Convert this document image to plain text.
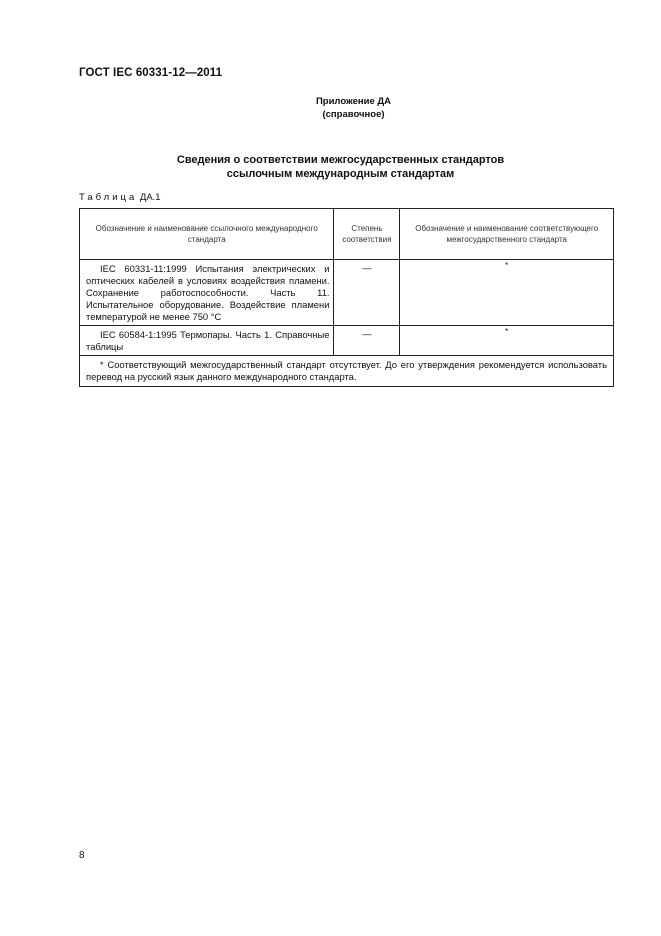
ГОСТ IEC 60331-12—2011
Приложение ДА
(справочное)
Сведения о соответствии межгосударственных стандартов
ссылочным международным стандартам
Таблица ДА.1
Обозначение и наименование ссылочного международного стандарта	Степень соответствия	Обозначение и наименование соответствующего межгосударственного стандарта
IEC 60331-11:1999 Испытания электрических и оптических кабелей в условиях воздействия пламени. Сохранение работоспособности. Часть 11. Испытательное оборудование. Воздействие пламени температурой не менее 750 °С	—	*
IEC 60584-1:1995 Термопары. Часть 1. Справочные таблицы	—	*
* Соответствующий межгосударственный стандарт отсутствует. До его утверждения рекомендуется использовать перевод на русский язык данного международного стандарта.		
8
